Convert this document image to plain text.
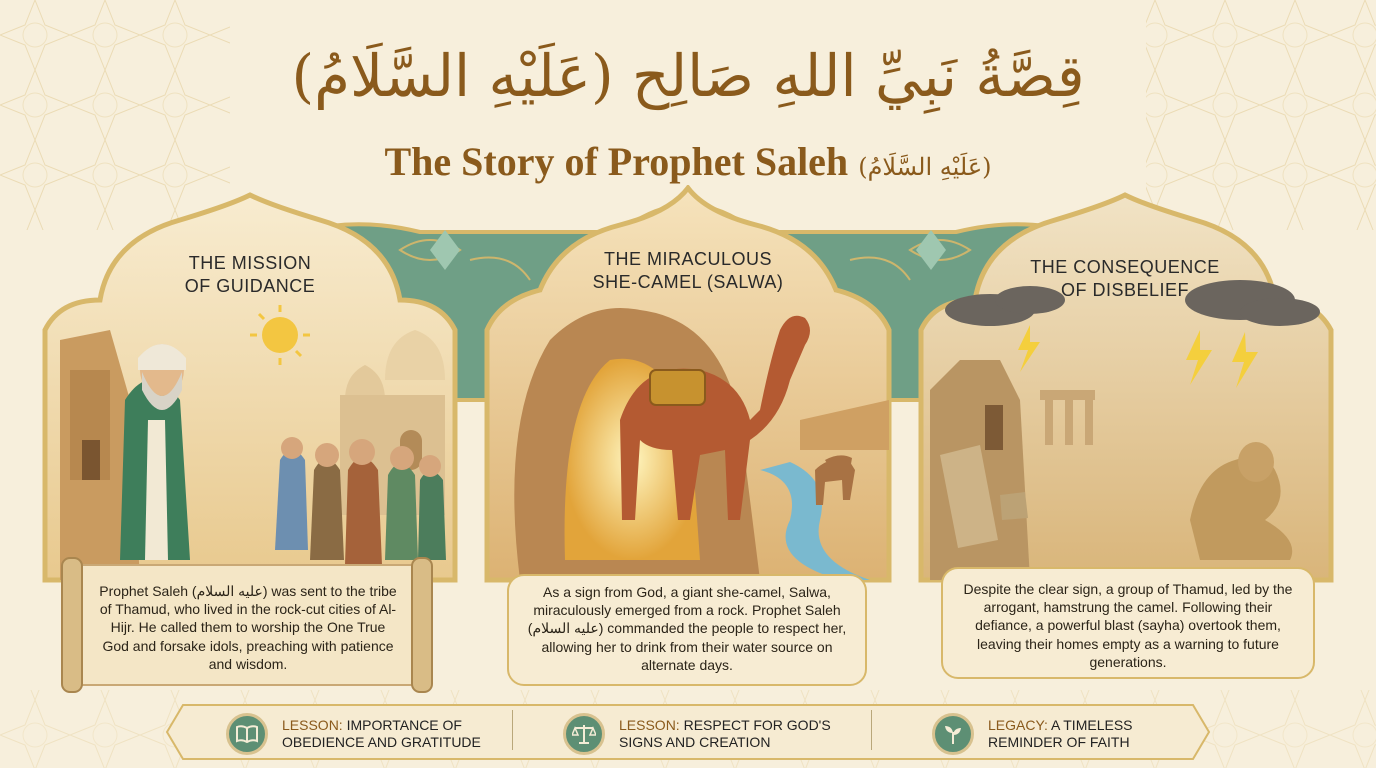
قِصَّةُ نَبِيِّ اللهِ صَالِح (عَلَيْهِ السَّلَامُ)
The Story of Prophet Saleh (عَلَيْهِ السَّلَامُ)
THE MISSION
OF GUIDANCE
THE MIRACULOUS
SHE-CAMEL (SALWA)
THE CONSEQUENCE
OF DISBELIEF
Prophet Saleh (عليه السلام) was sent to the tribe of Thamud, who lived in the rock-cut cities of Al-Hijr. He called them to worship the One True God and forsake idols, preaching with patience and wisdom.
As a sign from God, a giant she-camel, Salwa, miraculously emerged from a rock. Prophet Saleh (عليه السلام) commanded the people to respect her, allowing her to drink from their water source on alternate days.
Despite the clear sign, a group of Thamud, led by the arrogant, hamstrung the camel. Following their defiance, a powerful blast (sayha) overtook them, leaving their homes empty as a warning to future generations.
LESSON: IMPORTANCE OF
OBEDIENCE AND GRATITUDE
LESSON: RESPECT FOR GOD'S
SIGNS AND CREATION
LEGACY: A TIMELESS
REMINDER OF FAITH
